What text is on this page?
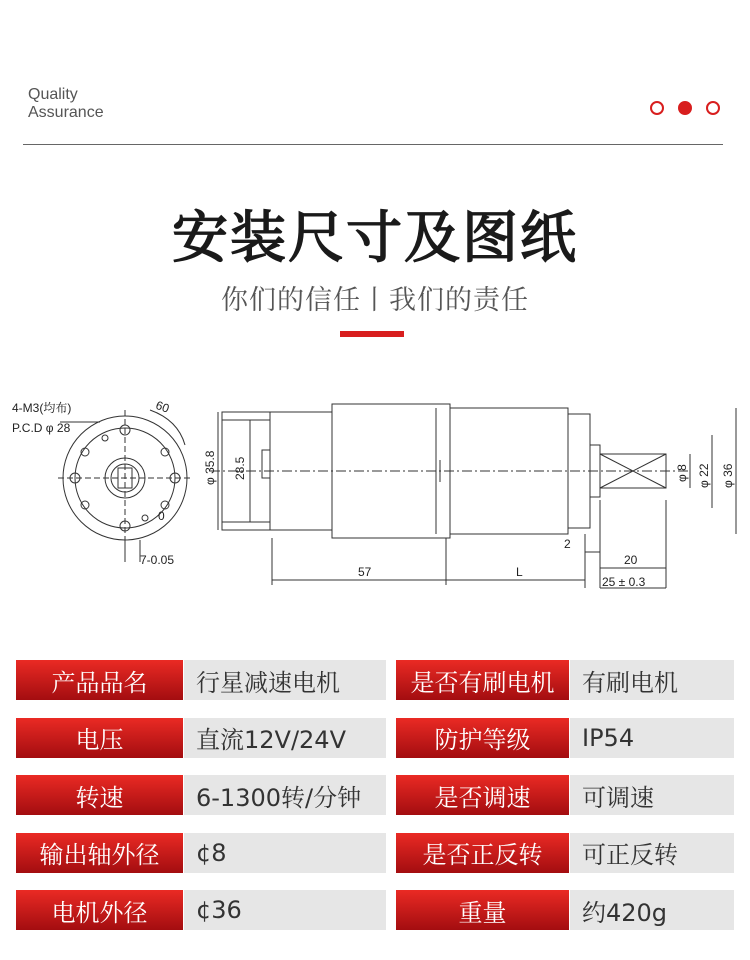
Quality
Assurance
安装尺寸及图纸
你们的信任丨我们的责任
4-M3(均布)
P.C.D φ 28
60
7-0.05
0
φ 35.8 28.5	φ 8 φ 22 φ 36
57	L
2
20
25 ± 0.3
产品品名	行星减速电机	是否有刷电机	有刷电机
电压	直流12V/24V	防护等级	IP54
转速	6-1300转/分钟	是否调速	可调速
输出轴外径	¢8	是否正反转	可正反转
电机外径	¢36	重量	约420g
